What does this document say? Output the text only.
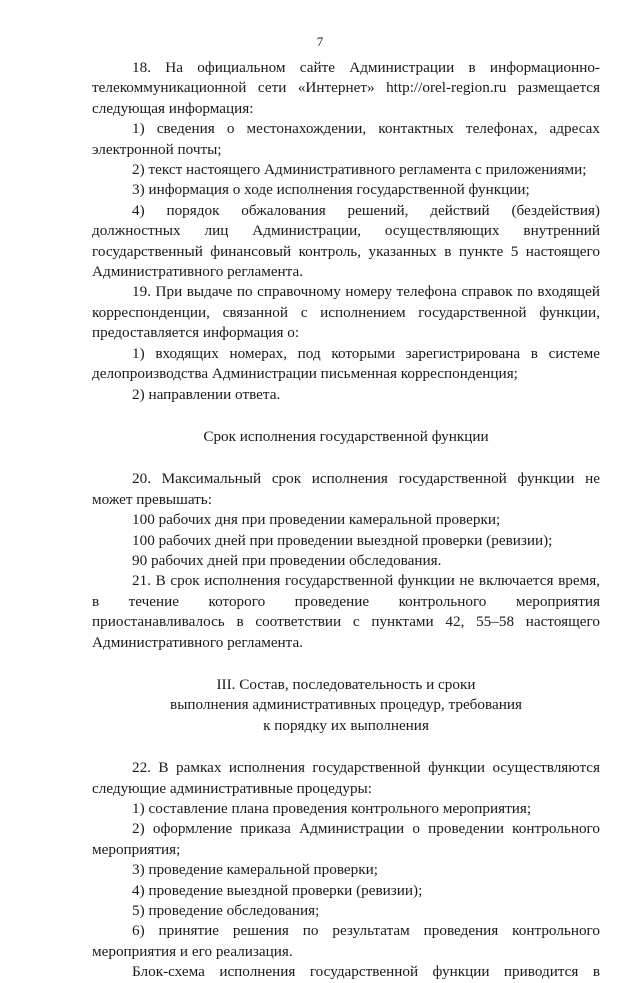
7

18. На официальном сайте Администрации в информационно-телекоммуникационной сети «Интернет» http://orel-region.ru размещается следующая информация:

1) сведения о местонахождении, контактных телефонах, адресах электронной почты;

2) текст настоящего Административного регламента с приложениями;

3) информация о ходе исполнения государственной функции;

4) порядок обжалования решений, действий (бездействия) должностных лиц Администрации, осуществляющих внутренний государственный финансовый контроль, указанных в пункте 5 настоящего Административного регламента.

19. При выдаче по справочному номеру телефона справок по входящей корреспонденции, связанной с исполнением государственной функции, предоставляется информация о:

1) входящих номерах, под которыми зарегистрирована в системе делопроизводства Администрации письменная корреспонденция;

2) направлении ответа.

Срок исполнения государственной функции

20. Максимальный срок исполнения государственной функции не может превышать:

100 рабочих дня при проведении камеральной проверки;

100 рабочих дней при проведении выездной проверки (ревизии);

90 рабочих дней при проведении обследования.

21. В срок исполнения государственной функции не включается время, в течение которого проведение контрольного мероприятия приостанавливалось в соответствии с пунктами 42, 55–58 настоящего Административного регламента.

III. Состав, последовательность и сроки
выполнения административных процедур, требования
к порядку их выполнения

22. В рамках исполнения государственной функции осуществляются следующие административные процедуры:

1) составление плана проведения контрольного мероприятия;

2) оформление приказа Администрации о проведении контрольного мероприятия;

3) проведение камеральной проверки;

4) проведение выездной проверки (ревизии);

5) проведение обследования;

6) принятие решения по результатам проведения контрольного мероприятия и его реализация.

Блок-схема исполнения государственной функции приводится в
